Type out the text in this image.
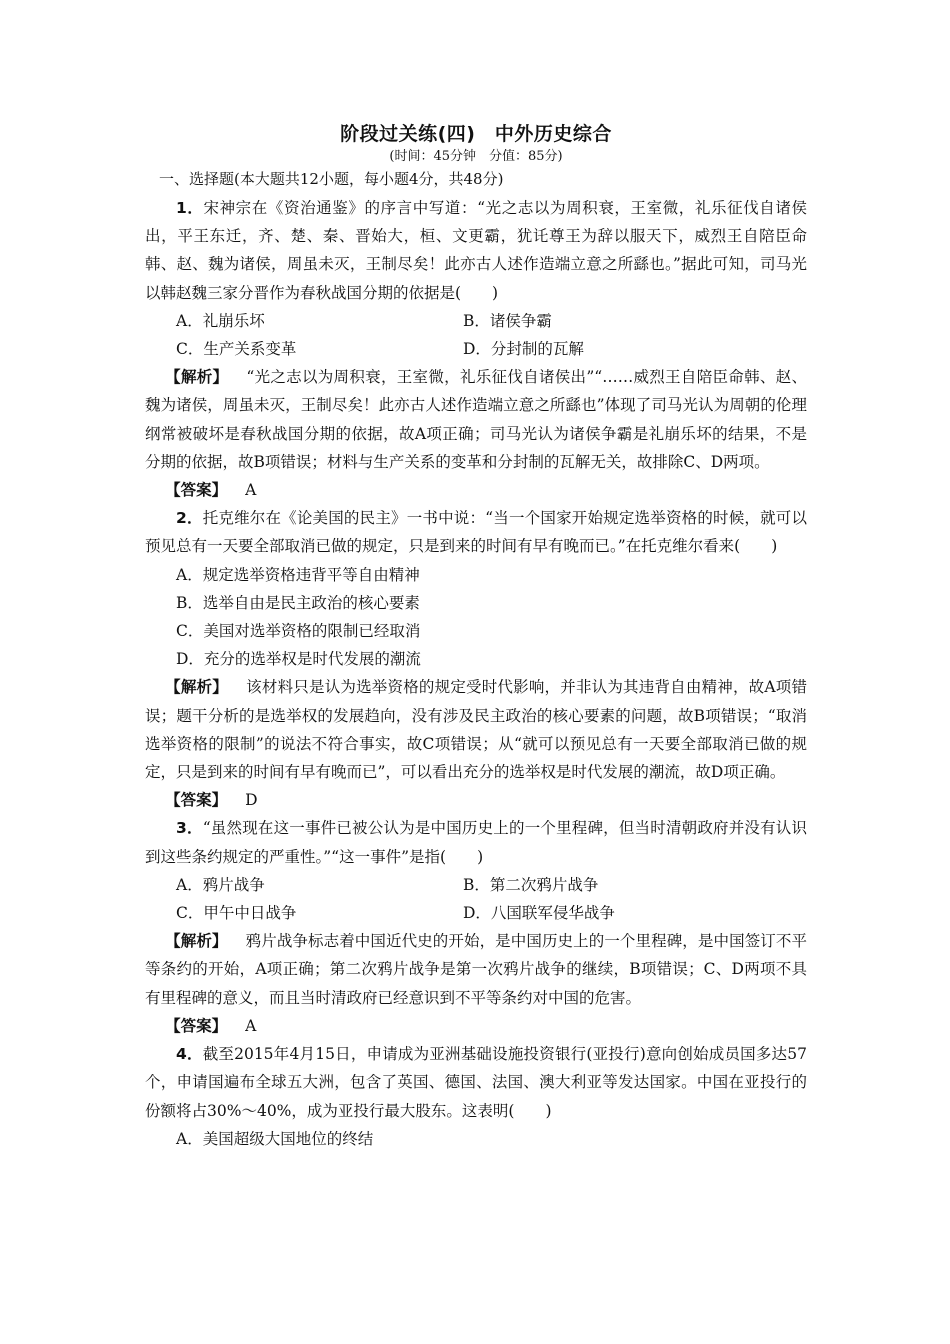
阶段过关练(四)　中外历史综合
(时间：45分钟　分值：85分)
一、选择题(本大题共12小题，每小题4分，共48分)

1．宋神宗在《资治通鉴》的序言中写道：“光之志以为周积衰，王室微，礼乐征伐自诸侯出，平王东迁，齐、楚、秦、晋始大，桓、文更霸，犹讬尊王为辞以服天下，威烈王自陪臣命韩、赵、魏为诸侯，周虽未灭，王制尽矣！此亦古人述作造端立意之所繇也。”据此可知，司马光以韩赵魏三家分晋作为春秋战国分期的依据是(　　)

A．礼崩乐坏	B．诸侯争霸
C．生产关系变革	D．分封制的瓦解

【解析】 “光之志以为周积衰，王室微，礼乐征伐自诸侯出”“……威烈王自陪臣命韩、赵、魏为诸侯，周虽未灭，王制尽矣！此亦古人述作造端立意之所繇也”体现了司马光认为周朝的伦理纲常被破坏是春秋战国分期的依据，故A项正确；司马光认为诸侯争霸是礼崩乐坏的结果，不是分期的依据，故B项错误；材料与生产关系的变革和分封制的瓦解无关，故排除C、D两项。

【答案】 A

2．托克维尔在《论美国的民主》一书中说：“当一个国家开始规定选举资格的时候，就可以预见总有一天要全部取消已做的规定，只是到来的时间有早有晚而已。”在托克维尔看来(　　)

A．规定选举资格违背平等自由精神
B．选举自由是民主政治的核心要素
C．美国对选举资格的限制已经取消
D．充分的选举权是时代发展的潮流

【解析】 该材料只是认为选举资格的规定受时代影响，并非认为其违背自由精神，故A项错误；题干分析的是选举权的发展趋向，没有涉及民主政治的核心要素的问题，故B项错误；“取消选举资格的限制”的说法不符合事实，故C项错误；从“就可以预见总有一天要全部取消已做的规定，只是到来的时间有早有晚而已”，可以看出充分的选举权是时代发展的潮流，故D项正确。

【答案】 D

3．“虽然现在这一事件已被公认为是中国历史上的一个里程碑，但当时清朝政府并没有认识到这些条约规定的严重性。”“这一事件”是指(　　)

A．鸦片战争	B．第二次鸦片战争
C．甲午中日战争	D．八国联军侵华战争

【解析】 鸦片战争标志着中国近代史的开始，是中国历史上的一个里程碑，是中国签订不平等条约的开始，A项正确；第二次鸦片战争是第一次鸦片战争的继续，B项错误；C、D两项不具有里程碑的意义，而且当时清政府已经意识到不平等条约对中国的危害。

【答案】 A

4．截至2015年4月15日，申请成为亚洲基础设施投资银行(亚投行)意向创始成员国多达57个，申请国遍布全球五大洲，包含了英国、德国、法国、澳大利亚等发达国家。中国在亚投行的份额将占30%～40%，成为亚投行最大股东。这表明(　　)

A．美国超级大国地位的终结
